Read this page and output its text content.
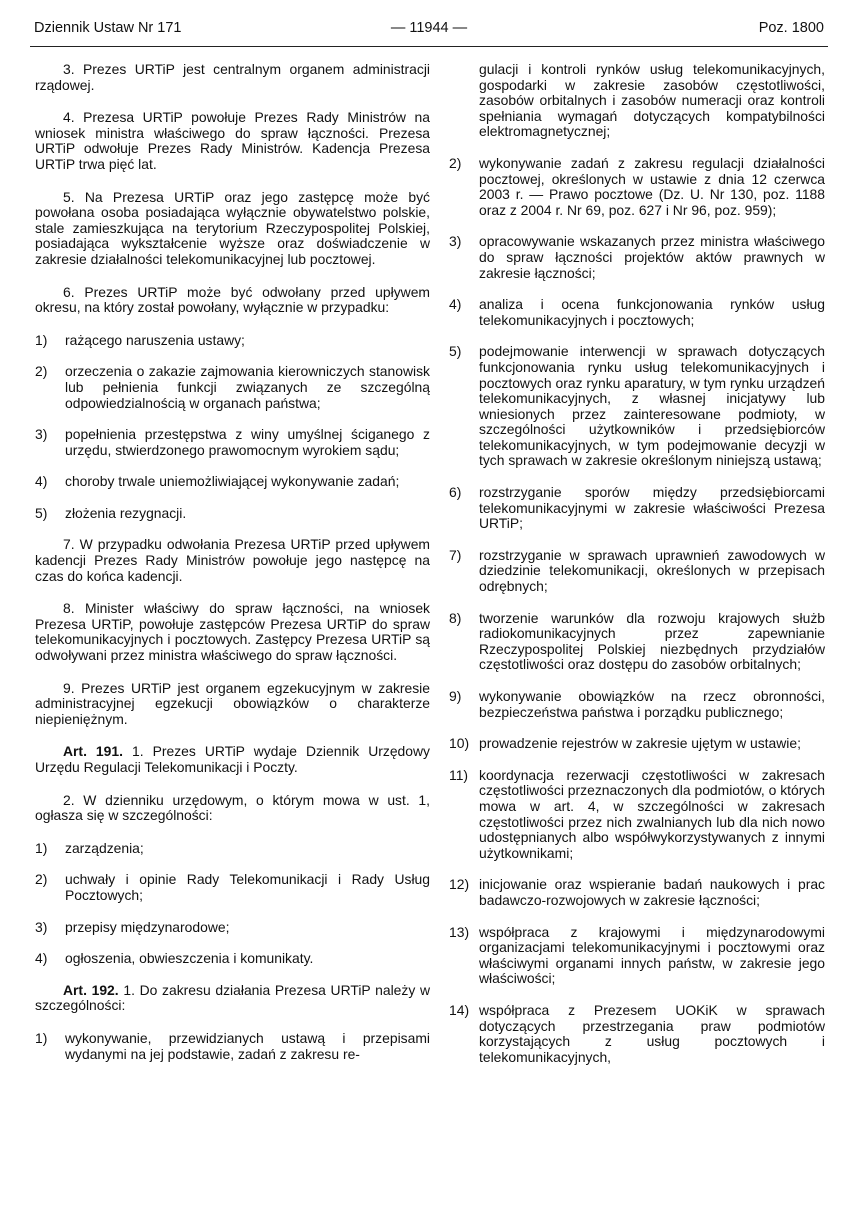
Dziennik Ustaw Nr 171	— 11944 —	Poz. 1800

3. Prezes URTiP jest centralnym organem administracji rządowej.

4. Prezesa URTiP powołuje Prezes Rady Ministrów na wniosek ministra właściwego do spraw łączności. Prezesa URTiP odwołuje Prezes Rady Ministrów. Kadencja Prezesa URTiP trwa pięć lat.

5. Na Prezesa URTiP oraz jego zastępcę może być powołana osoba posiadająca wyłącznie obywatelstwo polskie, stale zamieszkująca na terytorium Rzeczypospolitej Polskiej, posiadająca wykształcenie wyższe oraz doświadczenie w zakresie działalności telekomunikacyjnej lub pocztowej.

6. Prezes URTiP może być odwołany przed upływem okresu, na który został powołany, wyłącznie w przypadku:

1) rażącego naruszenia ustawy;
2) orzeczenia o zakazie zajmowania kierowniczych stanowisk lub pełnienia funkcji związanych ze szczególną odpowiedzialnością w organach państwa;
3) popełnienia przestępstwa z winy umyślnej ściganego z urzędu, stwierdzonego prawomocnym wyrokiem sądu;
4) choroby trwale uniemożliwiającej wykonywanie zadań;
5) złożenia rezygnacji.

7. W przypadku odwołania Prezesa URTiP przed upływem kadencji Prezes Rady Ministrów powołuje jego następcę na czas do końca kadencji.

8. Minister właściwy do spraw łączności, na wniosek Prezesa URTiP, powołuje zastępców Prezesa URTiP do spraw telekomunikacyjnych i pocztowych. Zastępcy Prezesa URTiP są odwoływani przez ministra właściwego do spraw łączności.

9. Prezes URTiP jest organem egzekucyjnym w zakresie administracyjnej egzekucji obowiązków o charakterze niepieniężnym.

Art. 191. 1. Prezes URTiP wydaje Dziennik Urzędowy Urzędu Regulacji Telekomunikacji i Poczty.

2. W dzienniku urzędowym, o którym mowa w ust. 1, ogłasza się w szczególności:

1) zarządzenia;
2) uchwały i opinie Rady Telekomunikacji i Rady Usług Pocztowych;
3) przepisy międzynarodowe;
4) ogłoszenia, obwieszczenia i komunikaty.

Art. 192. 1. Do zakresu działania Prezesa URTiP należy w szczególności:

1) wykonywanie, przewidzianych ustawą i przepisami wydanymi na jej podstawie, zadań z zakresu re-
gulacji i kontroli rynków usług telekomunikacyjnych, gospodarki w zakresie zasobów częstotliwości, zasobów orbitalnych i zasobów numeracji oraz kontroli spełniania wymagań dotyczących kompatybilności elektromagnetycznej;
2) wykonywanie zadań z zakresu regulacji działalności pocztowej, określonych w ustawie z dnia 12 czerwca 2003 r. — Prawo pocztowe (Dz. U. Nr 130, poz. 1188 oraz z 2004 r. Nr 69, poz. 627 i Nr 96, poz. 959);
3) opracowywanie wskazanych przez ministra właściwego do spraw łączności projektów aktów prawnych w zakresie łączności;
4) analiza i ocena funkcjonowania rynków usług telekomunikacyjnych i pocztowych;
5) podejmowanie interwencji w sprawach dotyczących funkcjonowania rynku usług telekomunikacyjnych i pocztowych oraz rynku aparatury, w tym rynku urządzeń telekomunikacyjnych, z własnej inicjatywy lub wniesionych przez zainteresowane podmioty, w szczególności użytkowników i przedsiębiorców telekomunikacyjnych, w tym podejmowanie decyzji w tych sprawach w zakresie określonym niniejszą ustawą;
6) rozstrzyganie sporów między przedsiębiorcami telekomunikacyjnymi w zakresie właściwości Prezesa URTiP;
7) rozstrzyganie w sprawach uprawnień zawodowych w dziedzinie telekomunikacji, określonych w przepisach odrębnych;
8) tworzenie warunków dla rozwoju krajowych służb radiokomunikacyjnych przez zapewnianie Rzeczypospolitej Polskiej niezbędnych przydziałów częstotliwości oraz dostępu do zasobów orbitalnych;
9) wykonywanie obowiązków na rzecz obronności, bezpieczeństwa państwa i porządku publicznego;
10) prowadzenie rejestrów w zakresie ujętym w ustawie;
11) koordynacja rezerwacji częstotliwości w zakresach częstotliwości przeznaczonych dla podmiotów, o których mowa w art. 4, w szczególności w zakresach częstotliwości przez nich zwalnianych lub dla nich nowo udostępnianych albo współwykorzystywanych z innymi użytkownikami;
12) inicjowanie oraz wspieranie badań naukowych i prac badawczo-rozwojowych w zakresie łączności;
13) współpraca z krajowymi i międzynarodowymi organizacjami telekomunikacyjnymi i pocztowymi oraz właściwymi organami innych państw, w zakresie jego właściwości;
14) współpraca z Prezesem UOKiK w sprawach dotyczących przestrzegania praw podmiotów korzystających z usług pocztowych i telekomunikacyjnych,
